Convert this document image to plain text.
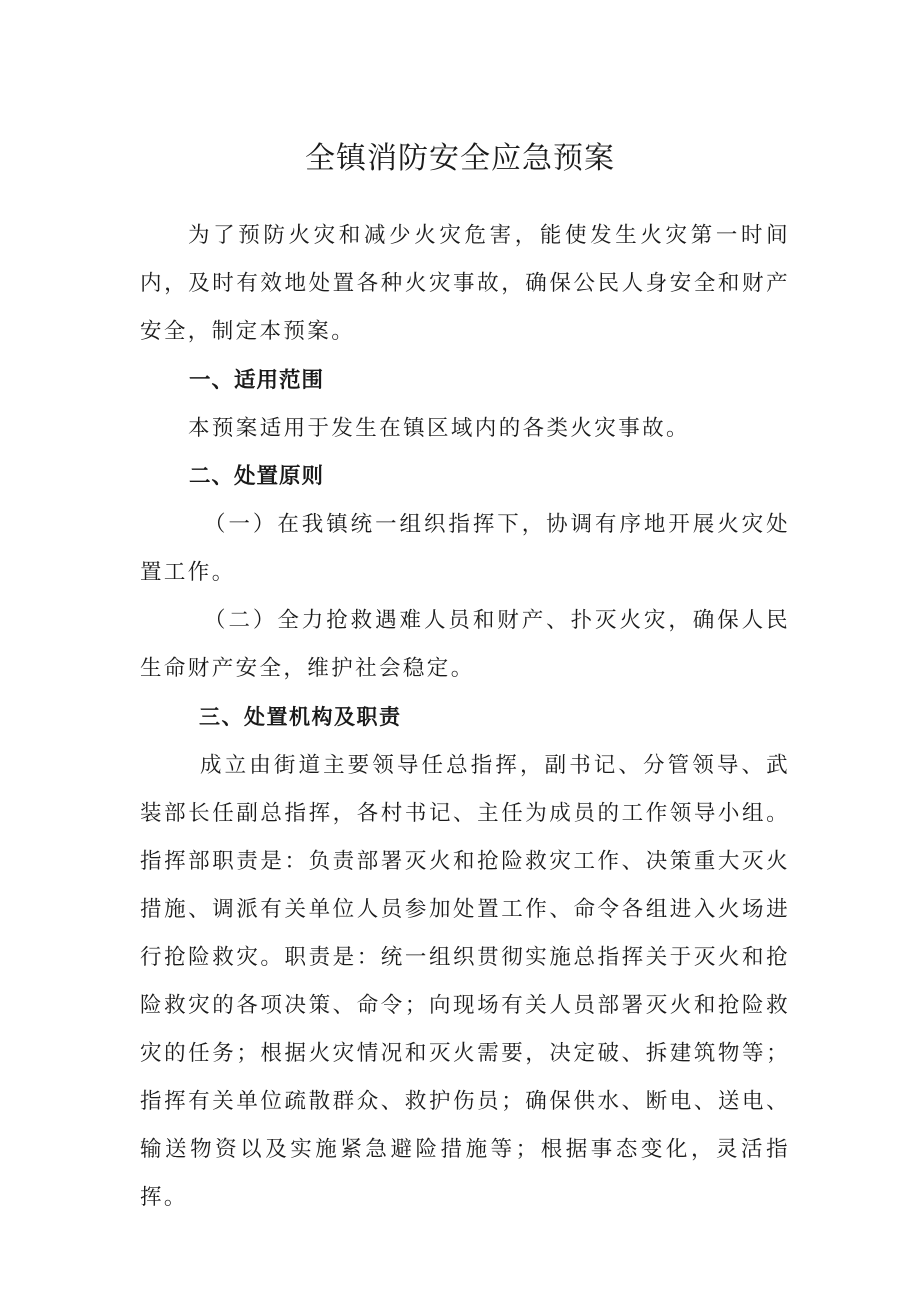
全镇消防安全应急预案

为了预防火灾和减少火灾危害，能使发生火灾第一时间内，及时有效地处置各种火灾事故，确保公民人身安全和财产安全，制定本预案。

一、适用范围

本预案适用于发生在镇区域内的各类火灾事故。

二、处置原则

（一）在我镇统一组织指挥下，协调有序地开展火灾处置工作。

（二）全力抢救遇难人员和财产、扑灭火灾，确保人民生命财产安全，维护社会稳定。

三、处置机构及职责

成立由街道主要领导任总指挥，副书记、分管领导、武装部长任副总指挥，各村书记、主任为成员的工作领导小组。指挥部职责是：负责部署灭火和抢险救灾工作、决策重大灭火措施、调派有关单位人员参加处置工作、命令各组进入火场进行抢险救灾。职责是：统一组织贯彻实施总指挥关于灭火和抢险救灾的各项决策、命令；向现场有关人员部署灭火和抢险救灾的任务；根据火灾情况和灭火需要，决定破、拆建筑物等；指挥有关单位疏散群众、救护伤员；确保供水、断电、送电、输送物资以及实施紧急避险措施等；根据事态变化，灵活指挥。
